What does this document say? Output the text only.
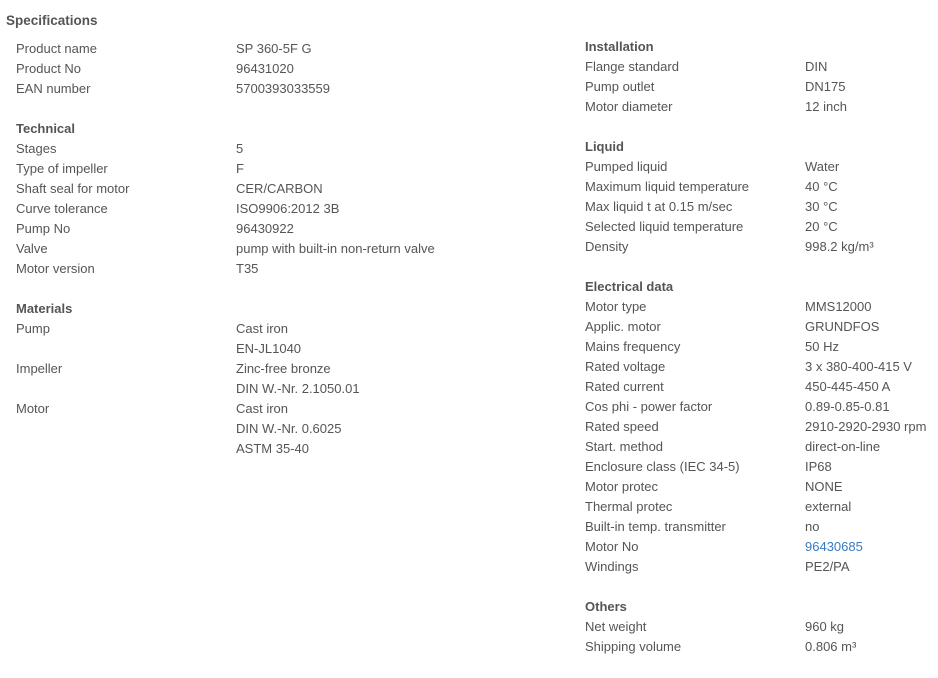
Specifications
Product name	SP 360-5F G
Product No	96431020
EAN number	5700393033559
Technical
Stages	5
Type of impeller	F
Shaft seal for motor	CER/CARBON
Curve tolerance	ISO9906:2012 3B
Pump No	96430922
Valve	pump with built-in non-return valve
Motor version	T35
Materials
Pump	Cast iron
EN-JL1040
Impeller	Zinc-free bronze
DIN W.-Nr. 2.1050.01
Motor	Cast iron
DIN W.-Nr. 0.6025
ASTM 35-40
Installation
Flange standard	DIN
Pump outlet	DN175
Motor diameter	12 inch
Liquid
Pumped liquid	Water
Maximum liquid temperature	40 °C
Max liquid t at 0.15 m/sec	30 °C
Selected liquid temperature	20 °C
Density	998.2 kg/m³
Electrical data
Motor type	MMS12000
Applic. motor	GRUNDFOS
Mains frequency	50 Hz
Rated voltage	3 x 380-400-415 V
Rated current	450-445-450 A
Cos phi - power factor	0.89-0.85-0.81
Rated speed	2910-2920-2930 rpm
Start. method	direct-on-line
Enclosure class (IEC 34-5)	IP68
Motor protec	NONE
Thermal protec	external
Built-in temp. transmitter	no
Motor No	96430685
Windings	PE2/PA
Others
Net weight	960 kg
Shipping volume	0.806 m³
